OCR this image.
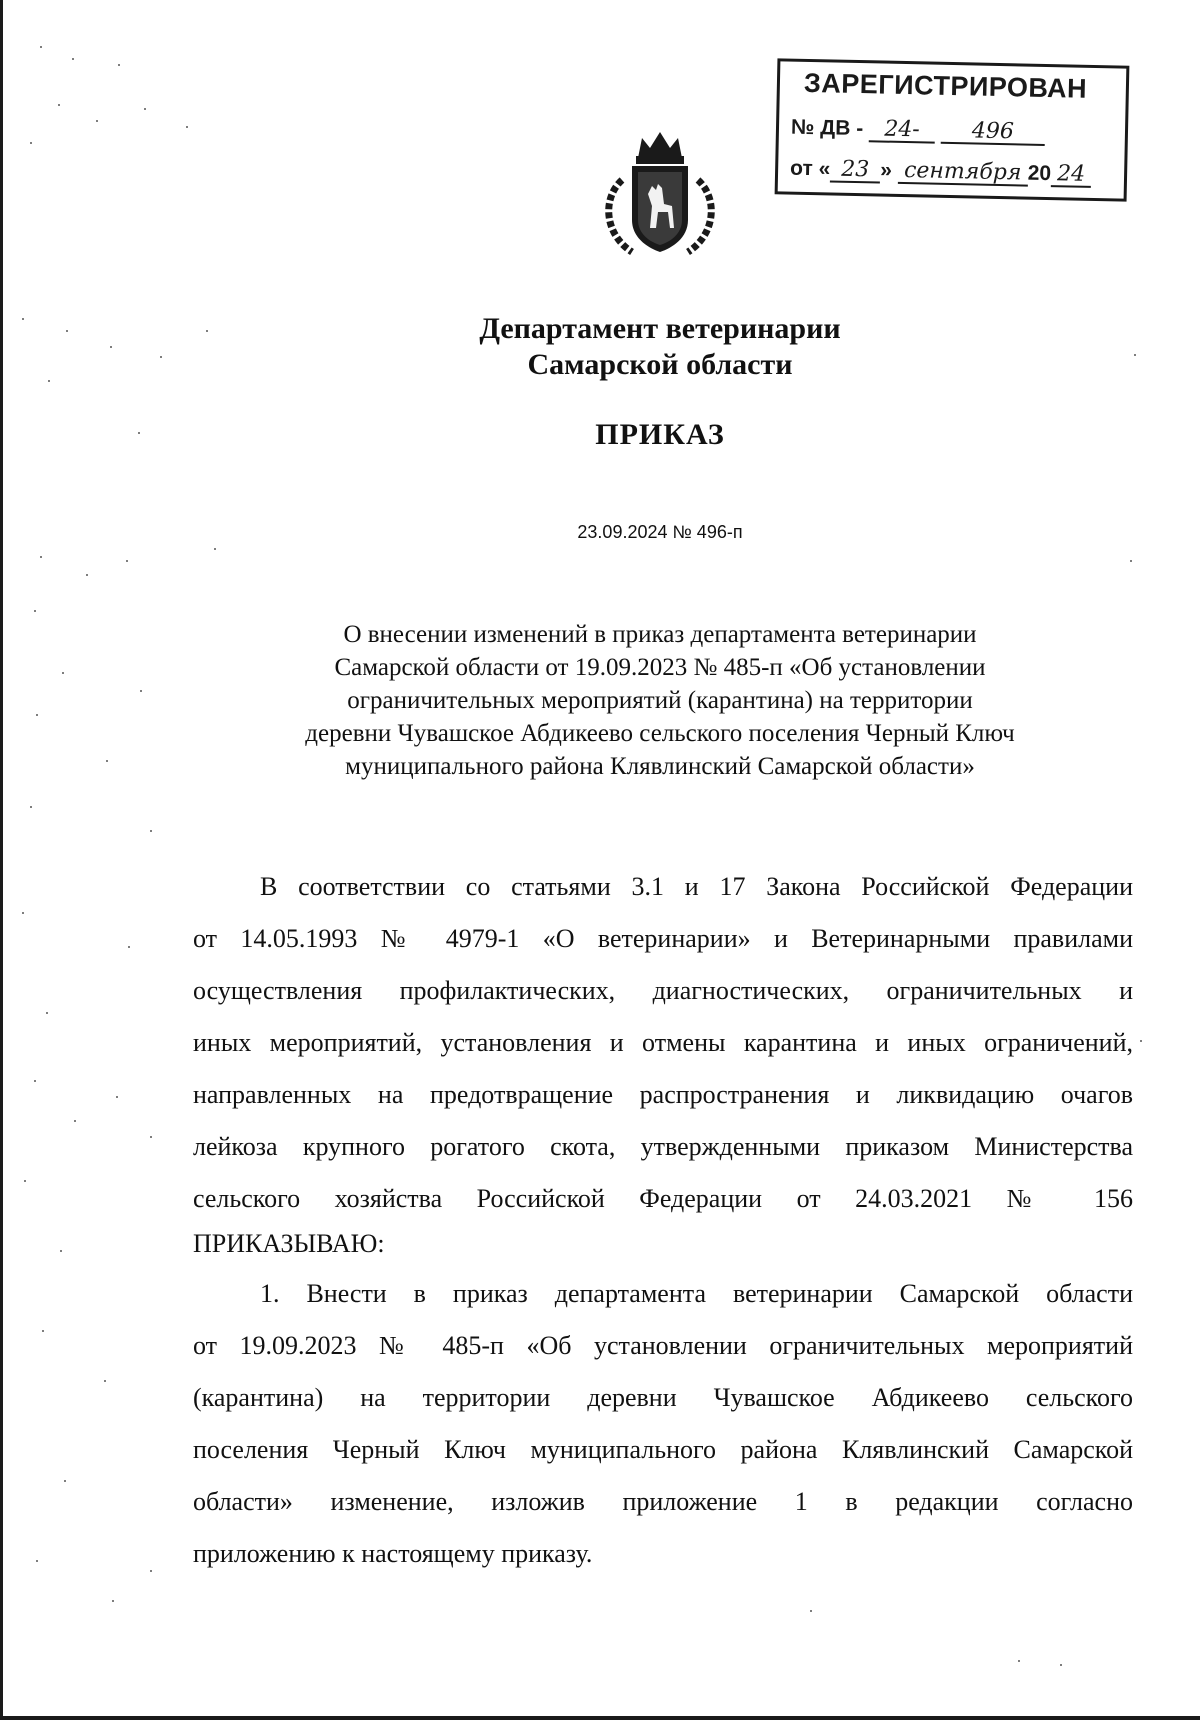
ЗАРЕГИСТРИРОВАН
№ ДВ - 24- 496
от « 23 » сентября 20 24
Департамент ветеринарии
Самарской области
ПРИКАЗ
23.09.2024 № 496-п
О внесении изменений в приказ департамента ветеринарии
Самарской области от 19.09.2023 № 485-п «Об установлении
ограничительных мероприятий (карантина) на территории
деревни Чувашское Абдикеево сельского поселения Черный Ключ
муниципального района Клявлинский Самарской области»
В соответствии со статьями 3.1 и 17 Закона Российской Федерации
от 14.05.1993 № 4979-1 «О ветеринарии» и Ветеринарными правилами
осуществления профилактических, диагностических, ограничительных и
иных мероприятий, установления и отмены карантина и иных ограничений,
направленных на предотвращение распространения и ликвидацию очагов
лейкоза крупного рогатого скота, утвержденными приказом Министерства
сельского хозяйства Российской Федерации от 24.03.2021 № 156
ПРИКАЗЫВАЮ:
1. Внести в приказ департамента ветеринарии Самарской области
от 19.09.2023 № 485-п «Об установлении ограничительных мероприятий
(карантина) на территории деревни Чувашское Абдикеево сельского
поселения Черный Ключ муниципального района Клявлинский Самарской
области» изменение, изложив приложение 1 в редакции согласно
приложению к настоящему приказу.
